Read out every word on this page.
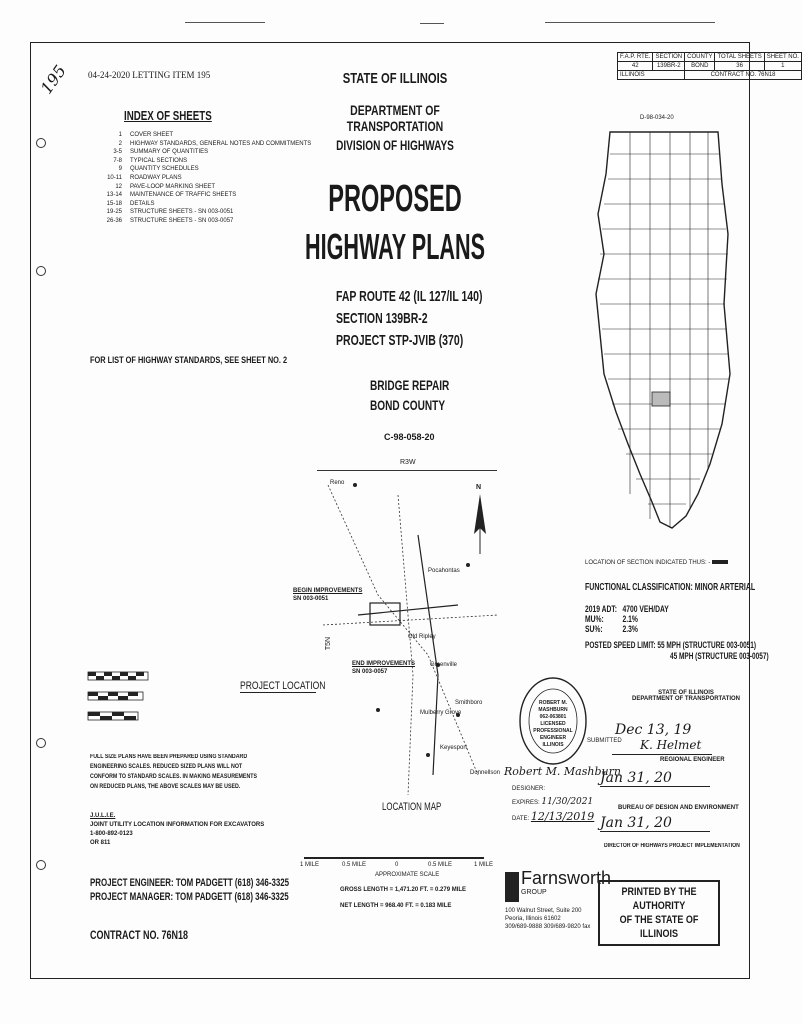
195 04-24-2020 LETTING ITEM 195
F.A.P. RTE.	SECTION	COUNTY	TOTAL SHEETS	SHEET NO.
42	139BR-2	BOND	36	1
ILLINOIS		CONTRACT NO. 76N18		
STATE OF ILLINOIS
DEPARTMENT OF TRANSPORTATION
DIVISION OF HIGHWAYS
PROPOSED
HIGHWAY PLANS
FAP ROUTE 42 (IL 127/IL 140)
SECTION 139BR-2
PROJECT STP-JVIB (370)
BRIDGE REPAIR
BOND COUNTY
C-98-058-20
INDEX OF SHEETS
1 COVER SHEET
2 HIGHWAY STANDARDS, GENERAL NOTES AND COMMITMENTS
3-5 SUMMARY OF QUANTITIES
7-8 TYPICAL SECTIONS
9 QUANTITY SCHEDULES
10-11 ROADWAY PLANS
12 PAVE-LOOP MARKING SHEET
13-14 MAINTENANCE OF TRAFFIC SHEETS
15-18 DETAILS
19-25 STRUCTURE SHEETS - SN 003-0051
26-36 STRUCTURE SHEETS - SN 003-0057
FOR LIST OF HIGHWAY STANDARDS, SEE SHEET NO. 2
D-98-034-20
LOCATION OF SECTION INDICATED THUS: -
FUNCTIONAL CLASSIFICATION: MINOR ARTERIAL
2019 ADT: 4700 VEH/DAY
MU%: 2.1%
SU%: 2.3%
POSTED SPEED LIMIT: 55 MPH (STRUCTURE 003-0051)
45 MPH (STRUCTURE 003-0057)
STATE OF ILLINOIS
DEPARTMENT OF TRANSPORTATION
SUBMITTED
Dec 13, 19
K. Helmet
REGIONAL ENGINEER
Jan 31, 20
BUREAU OF DESIGN AND ENVIRONMENT
Jan 31, 20
DIRECTOR OF HIGHWAYS PROJECT IMPLEMENTATION
ROBERT M. MASHBURN
062-063801
LICENSED
PROFESSIONAL
ENGINEER
ILLINOIS
Robert M. Mashburn
DESIGNER:
EXPIRES: 11/30/2021
DATE: 12/13/2019
Farnsworth
GROUP
100 Walnut Street, Suite 200
Peoria, Illinois 61602
309/689-9888 309/689-9820 fax
PRINTED BY THE AUTHORITY
OF THE STATE OF ILLINOIS
R3W
N
T5N
BEGIN IMPROVEMENTS
SN 003-0051
END IMPROVEMENTS
SN 003-0057
PROJECT LOCATION
Reno
Pocahontas
Old Ripley
Greenville
Mulberry Grove
Keyesport
Smithboro
Donnellson
LOCATION MAP
1 MILE	0.5 MILE	0	0.5 MILE	1 MILE
APPROXIMATE SCALE
GROSS LENGTH = 1,471.20 FT. = 0.279 MILE
NET LENGTH = 968.40 FT. = 0.183 MILE
FULL SIZE PLANS HAVE BEEN PREPARED USING STANDARD
ENGINEERING SCALES. REDUCED SIZED PLANS WILL NOT
CONFORM TO STANDARD SCALES. IN MAKING MEASUREMENTS
ON REDUCED PLANS, THE ABOVE SCALES MAY BE USED.
J.U.L.I.E.
JOINT UTILITY LOCATION INFORMATION FOR EXCAVATORS
1-800-892-0123
OR 811
PROJECT ENGINEER: TOM PADGETT (618) 346-3325
PROJECT MANAGER: TOM PADGETT (618) 346-3325
CONTRACT NO. 76N18
